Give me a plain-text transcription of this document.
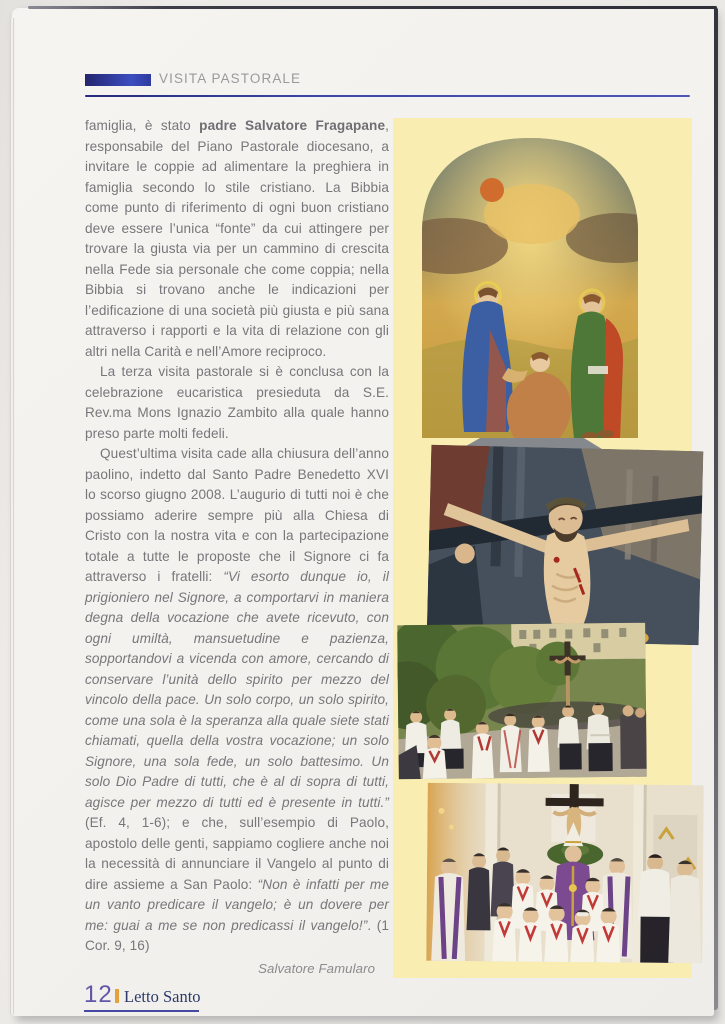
VISITA PASTORALE

famiglia, è stato padre Salvatore Fragapane, responsabile del Piano Pastorale diocesano, a invitare le coppie ad alimentare la preghiera in famiglia secondo lo stile cristiano. La Bibbia come punto di riferimento di ogni buon cristiano deve essere l’unica “fonte” da cui attingere per trovare la giusta via per un cammino di crescita nella Fede sia personale che come coppia; nella Bibbia si trovano anche le indicazioni per l’edificazione di una società più giusta e più sana attraverso i rapporti e la vita di relazione con gli altri nella Carità e nell’Amore reciproco.

La terza visita pastorale si è conclusa con la celebrazione eucaristica presieduta da S.E. Rev.ma Mons Ignazio Zambito alla quale hanno preso parte molti fedeli.

Quest’ultima visita cade alla chiusura dell’anno paolino, indetto dal Santo Padre Benedetto XVI lo scorso giugno 2008. L’augurio di tutti noi è che possiamo aderire sempre più alla Chiesa di Cristo con la nostra vita e con la partecipazione totale a tutte le proposte che il Signore ci fa attraverso i fratelli: “Vi esorto dunque io, il prigioniero nel Signore, a comportarvi in maniera degna della vocazione che avete ricevuto, con ogni umiltà, mansuetudine e pazienza, sopportandovi a vicenda con amore, cercando di conservare l’unità dello spirito per mezzo del vincolo della pace. Un solo corpo, un solo spirito, come una sola è la speranza alla quale siete stati chiamati, quella della vostra vocazione; un solo Signore, una sola fede, un solo battesimo. Un solo Dio Padre di tutti, che è al di sopra di tutti, agisce per mezzo di tutti ed è presente in tutti.” (Ef. 4, 1-6); e che, sull’esempio di Paolo, apostolo delle genti, sappiamo cogliere anche noi la necessità di annunciare il Vangelo al punto di dire assieme a San Paolo: “Non è infatti per me un vanto predicare il vangelo; è un dovere per me: guai a me se non predicassi il vangelo!”. (1 Cor. 9, 16)

Salvatore Famularo
12 Letto Santo
